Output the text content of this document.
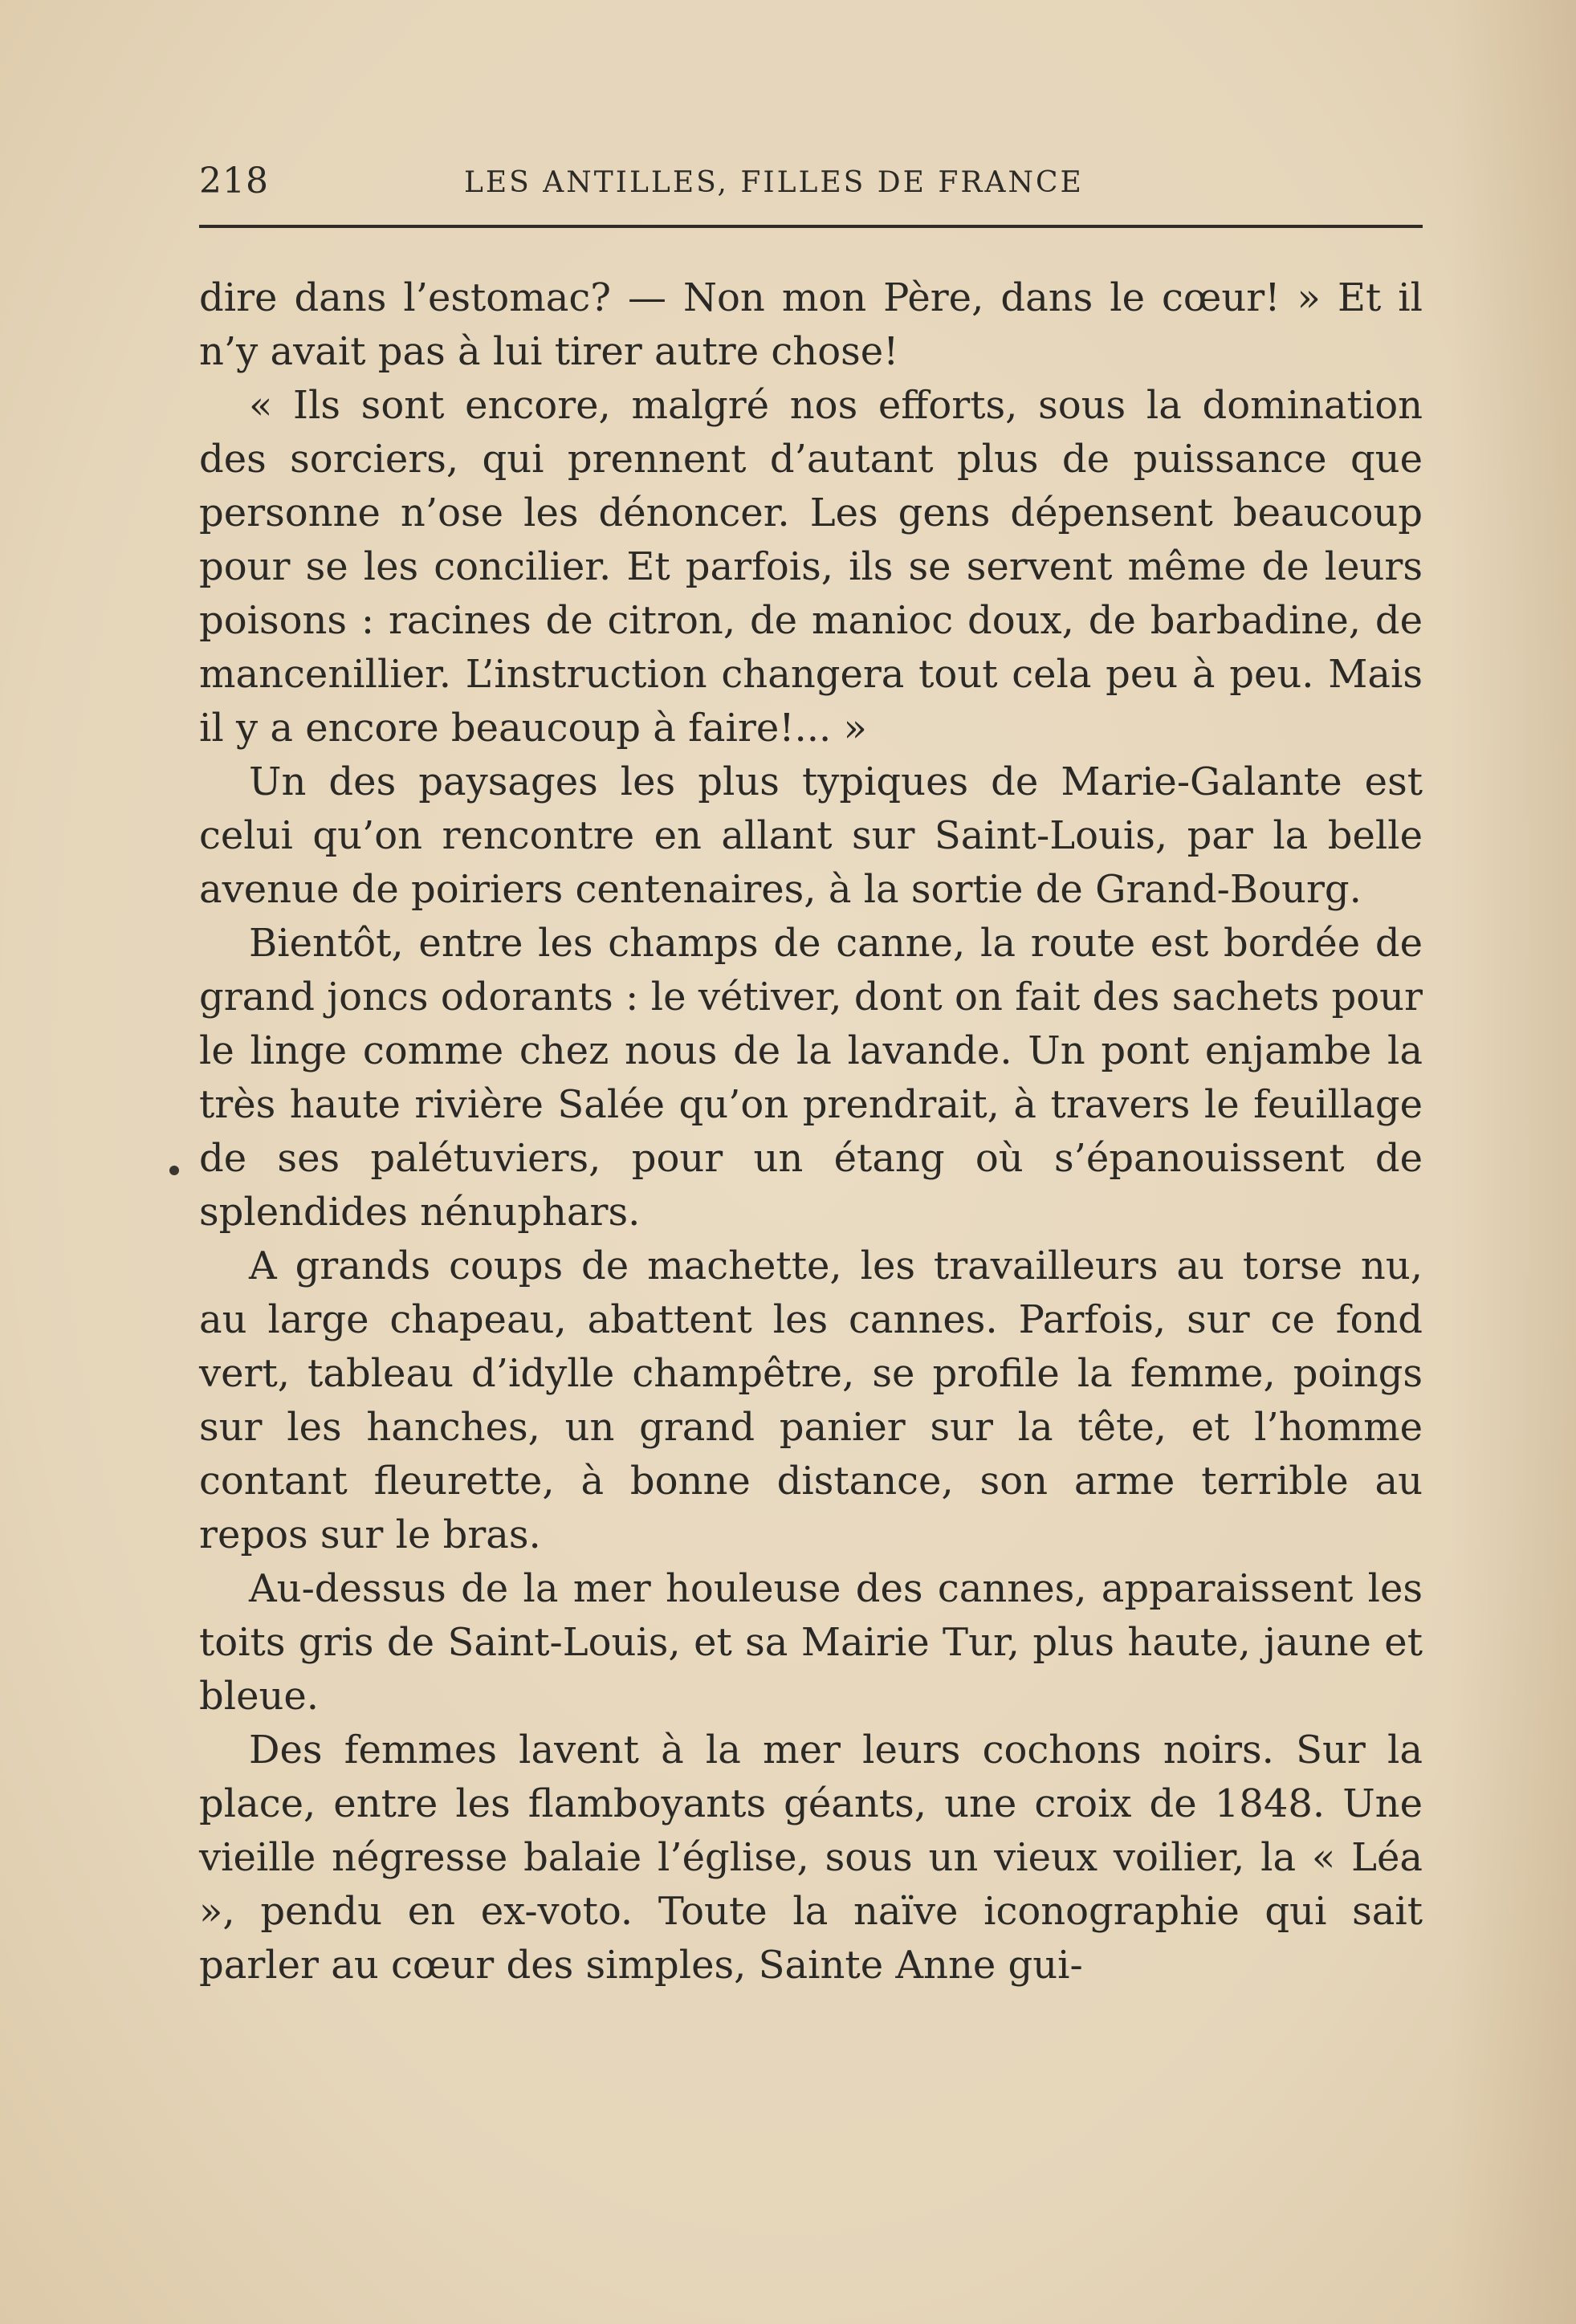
218	LES ANTILLES, FILLES DE FRANCE

dire dans l’estomac? — Non mon Père, dans le cœur! » Et il n’y avait pas à lui tirer autre chose!

« Ils sont encore, malgré nos efforts, sous la domination des sorciers, qui prennent d’autant plus de puissance que personne n’ose les dénoncer. Les gens dépensent beaucoup pour se les concilier. Et parfois, ils se servent même de leurs poisons : racines de citron, de manioc doux, de barbadine, de mancenillier. L’instruction changera tout cela peu à peu. Mais il y a encore beaucoup à faire!... »

Un des paysages les plus typiques de Marie-Galante est celui qu’on rencontre en allant sur Saint-Louis, par la belle avenue de poiriers centenaires, à la sortie de Grand-Bourg.

Bientôt, entre les champs de canne, la route est bordée de grand joncs odorants : le vétiver, dont on fait des sachets pour le linge comme chez nous de la lavande. Un pont enjambe la très haute rivière Salée qu’on prendrait, à travers le feuillage de ses palétuviers, pour un étang où s’épanouissent de splendides nénuphars.

A grands coups de machette, les travailleurs au torse nu, au large chapeau, abattent les cannes. Parfois, sur ce fond vert, tableau d’idylle champêtre, se profile la femme, poings sur les hanches, un grand panier sur la tête, et l’homme contant fleurette, à bonne distance, son arme terrible au repos sur le bras.

Au-dessus de la mer houleuse des cannes, apparaissent les toits gris de Saint-Louis, et sa Mairie Tur, plus haute, jaune et bleue.

Des femmes lavent à la mer leurs cochons noirs. Sur la place, entre les flamboyants géants, une croix de 1848. Une vieille négresse balaie l’église, sous un vieux voilier, la « Léa », pendu en ex-voto. Toute la naïve iconographie qui sait parler au cœur des simples, Sainte Anne gui-
